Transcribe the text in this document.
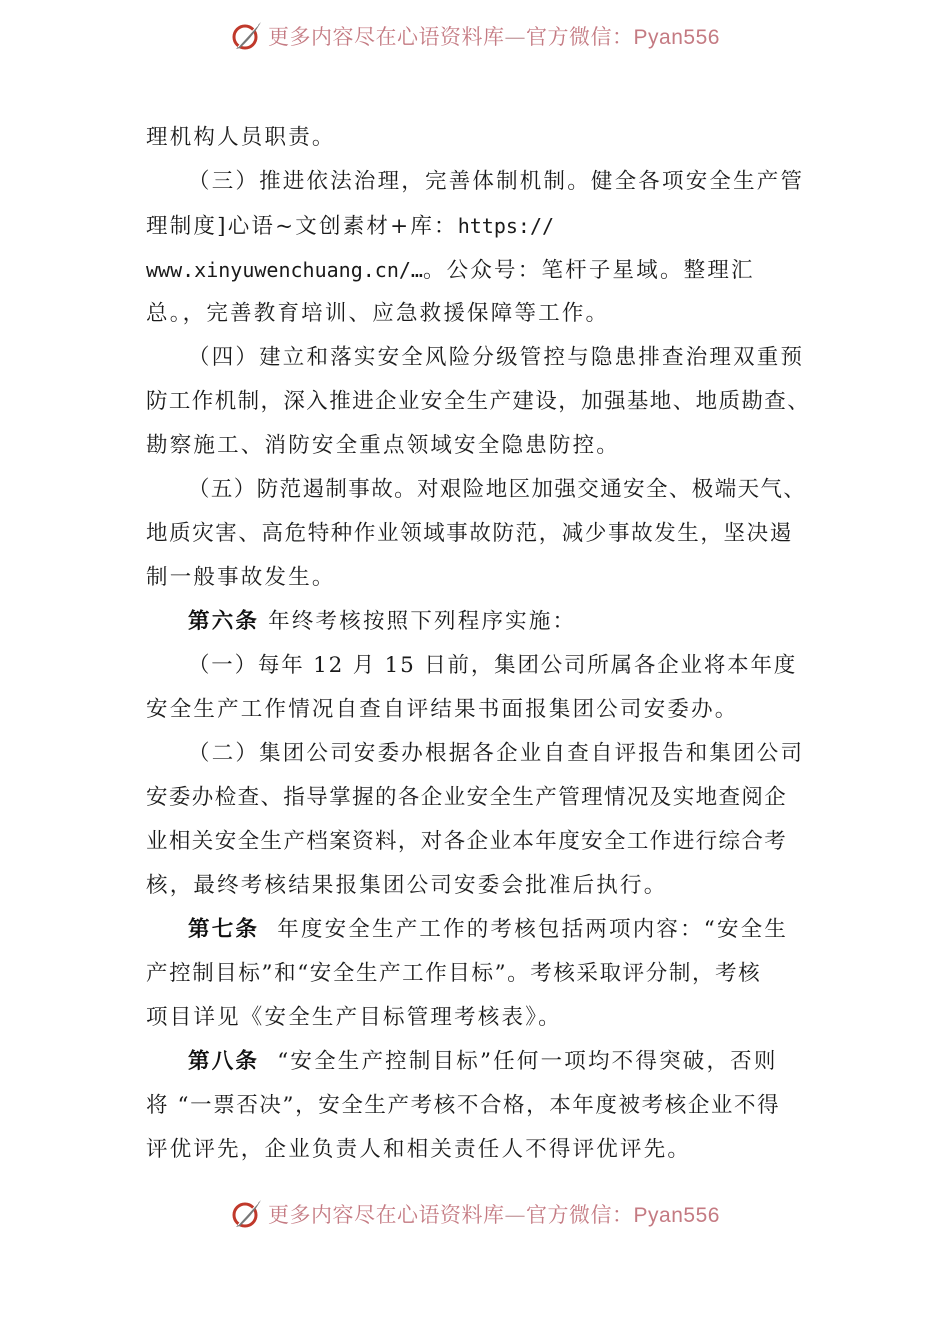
更多内容尽在心语资料库—官方微信：Pyan556
理机构人员职责。
（三）推进依法治理，完善体制机制。健全各项安全生产管
理制度]心语~文创素材+库：https://
www.xinyuwenchuang.cn/…。公众号：笔杆子星域。整理汇
总。，完善教育培训、应急救援保障等工作。
（四）建立和落实安全风险分级管控与隐患排查治理双重预
防工作机制，深入推进企业安全生产建设，加强基地、地质勘查、
勘察施工、消防安全重点领域安全隐患防控。
（五）防范遏制事故。对艰险地区加强交通安全、极端天气、
地质灾害、高危特种作业领域事故防范，减少事故发生，坚决遏
制一般事故发生。
第六条 年终考核按照下列程序实施：
（一）每年 12 月 15 日前，集团公司所属各企业将本年度
安全生产工作情况自查自评结果书面报集团公司安委办。
（二）集团公司安委办根据各企业自查自评报告和集团公司
安委办检查、指导掌握的各企业安全生产管理情况及实地查阅企
业相关安全生产档案资料，对各企业本年度安全工作进行综合考
核，最终考核结果报集团公司安委会批准后执行。
第七条 年度安全生产工作的考核包括两项内容：“安全生
产控制目标”和“安全生产工作目标”。考核采取评分制，考核
项目详见《安全生产目标管理考核表》。
第八条 “安全生产控制目标”任何一项均不得突破，否则
将 “一票否决”，安全生产考核不合格，本年度被考核企业不得
评优评先，企业负责人和相关责任人不得评优评先。
更多内容尽在心语资料库—官方微信：Pyan556
